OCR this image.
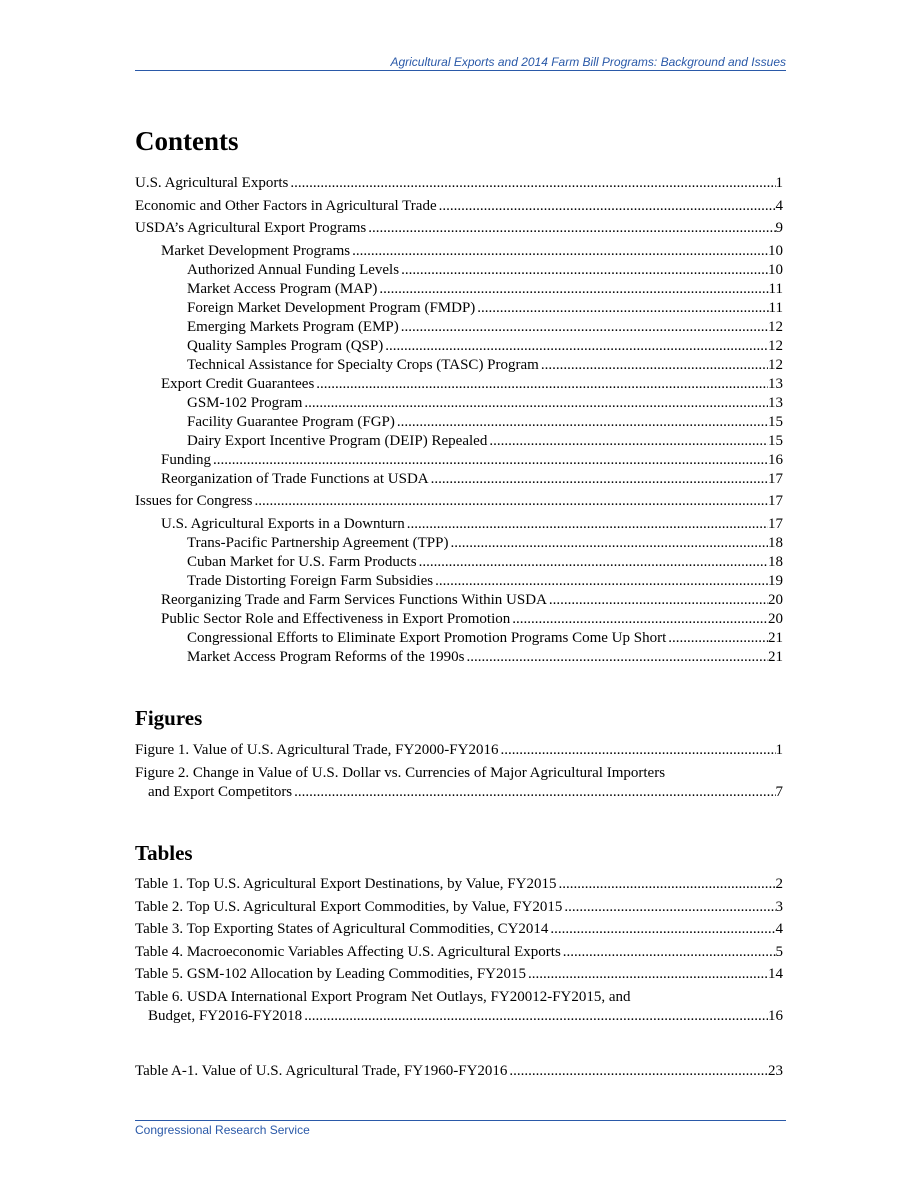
Agricultural Exports and 2014 Farm Bill Programs: Background and Issues
Contents
U.S. Agricultural Exports .....	1
Economic and Other Factors in Agricultural Trade .....	4
USDA’s Agricultural Export Programs .....	9
Market Development Programs .....	10
Authorized Annual Funding Levels .....	10
Market Access Program (MAP) .....	11
Foreign Market Development Program (FMDP) .....	11
Emerging Markets Program (EMP) .....	12
Quality Samples Program (QSP) .....	12
Technical Assistance for Specialty Crops (TASC) Program .....	12
Export Credit Guarantees .....	13
GSM-102 Program .....	13
Facility Guarantee Program (FGP) .....	15
Dairy Export Incentive Program (DEIP) Repealed .....	15
Funding .....	16
Reorganization of Trade Functions at USDA .....	17
Issues for Congress .....	17
U.S. Agricultural Exports in a Downturn .....	17
Trans-Pacific Partnership Agreement (TPP) .....	18
Cuban Market for U.S. Farm Products .....	18
Trade Distorting Foreign Farm Subsidies .....	19
Reorganizing Trade and Farm Services Functions Within USDA .....	20
Public Sector Role and Effectiveness in Export Promotion .....	20
Congressional Efforts to Eliminate Export Promotion Programs Come Up Short .....	21
Market Access Program Reforms of the 1990s .....	21
Figures
Figure 1. Value of U.S. Agricultural Trade, FY2000-FY2016 .....	1
Figure 2. Change in Value of U.S. Dollar vs. Currencies of Major Agricultural Importers
and Export Competitors .....	7
Tables
Table 1. Top U.S. Agricultural Export Destinations, by Value, FY2015 .....	2
Table 2. Top U.S. Agricultural Export Commodities, by Value, FY2015 .....	3
Table 3. Top Exporting States of Agricultural Commodities, CY2014 .....	4
Table 4. Macroeconomic Variables Affecting U.S. Agricultural Exports .....	5
Table 5. GSM-102 Allocation by Leading Commodities, FY2015 .....	14
Table 6. USDA International Export Program Net Outlays, FY20012-FY2015, and
Budget, FY2016-FY2018 .....	16
Table A-1. Value of U.S. Agricultural Trade, FY1960-FY2016 .....	23
Congressional Research Service
